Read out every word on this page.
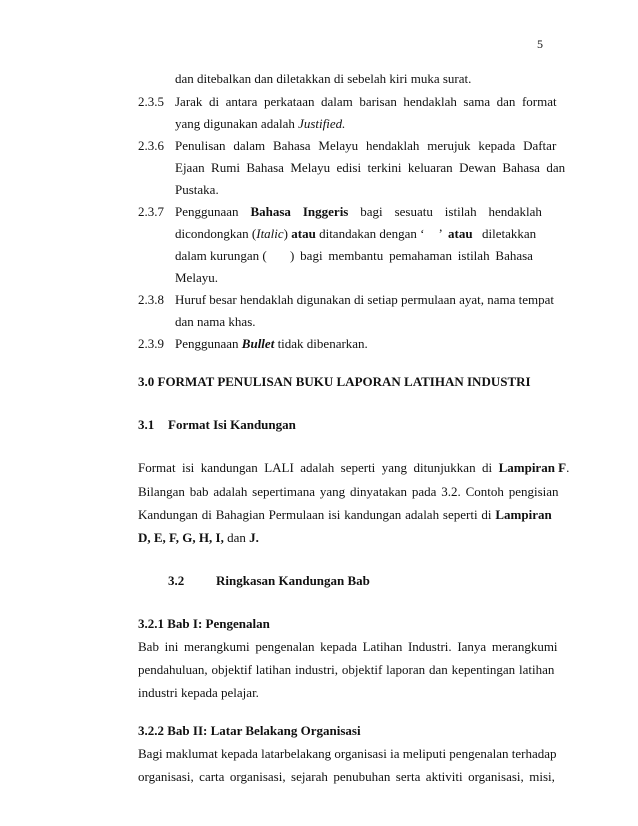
5
dan ditebalkan dan diletakkan di sebelah kiri muka surat.
2.3.5 Jarak di antara perkataan dalam barisan hendaklah sama dan format
yang digunakan adalah Justified.
2.3.6 Penulisan dalam Bahasa Melayu hendaklah merujuk kepada Daftar
Ejaan Rumi Bahasa Melayu edisi terkini keluaran Dewan Bahasa dan
Pustaka.
2.3.7 Penggunaan Bahasa Inggeris bagi sesuatu istilah hendaklah
dicondongkan (Italic) atau ditandakan dengan ‘ ’ atau diletakkan
dalam kurungan ( ) bagi membantu pemahaman istilah Bahasa
Melayu.
2.3.8 Huruf besar hendaklah digunakan di setiap permulaan ayat, nama tempat
dan nama khas.
2.3.9 Penggunaan Bullet tidak dibenarkan.
3.0 FORMAT PENULISAN BUKU LAPORAN LATIHAN INDUSTRI
3.1 Format Isi Kandungan
Format isi kandungan LALI adalah seperti yang ditunjukkan di Lampiran F.
Bilangan bab adalah sepertimana yang dinyatakan pada 3.2. Contoh pengisian
Kandungan di Bahagian Permulaan isi kandungan adalah seperti di Lampiran
D, E, F, G, H, I, dan J.
3.2 Ringkasan Kandungan Bab
3.2.1 Bab I: Pengenalan
Bab ini merangkumi pengenalan kepada Latihan Industri. Ianya merangkumi
pendahuluan, objektif latihan industri, objektif laporan dan kepentingan latihan
industri kepada pelajar.
3.2.2 Bab II: Latar Belakang Organisasi
Bagi maklumat kepada latarbelakang organisasi ia meliputi pengenalan terhadap
organisasi, carta organisasi, sejarah penubuhan serta aktiviti organisasi, misi,
